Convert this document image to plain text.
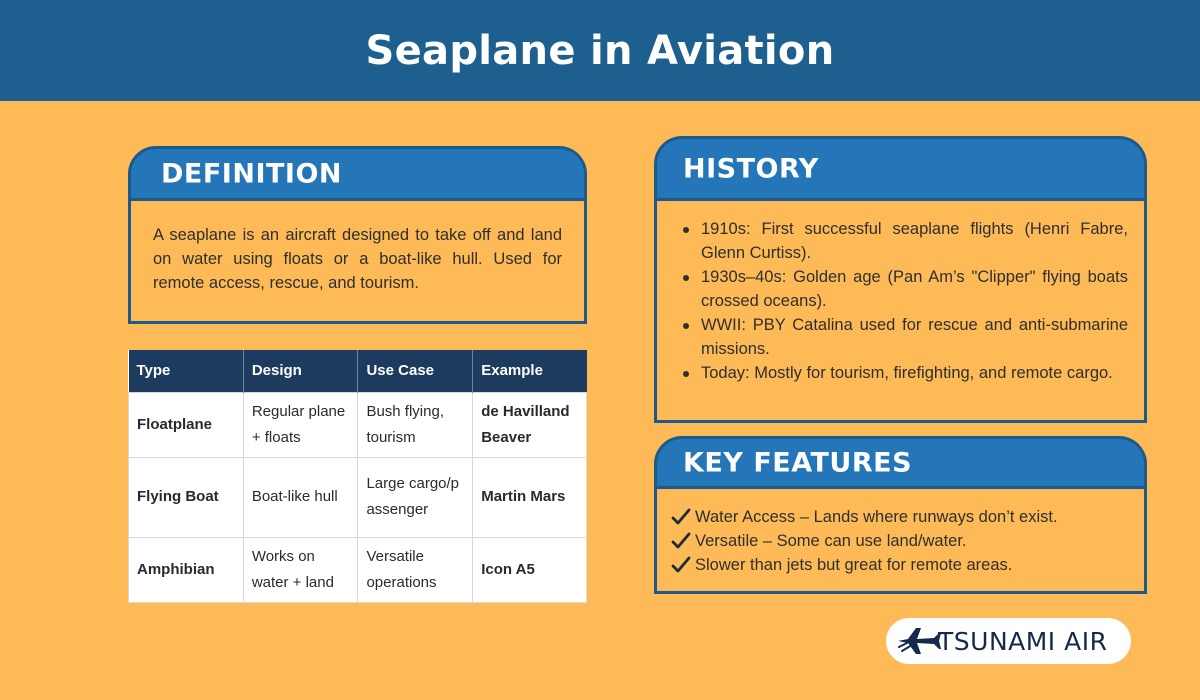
Seaplane in Aviation
DEFINITION

A seaplane is an aircraft designed to take off and land on water using floats or a boat-like hull. Used for remote access, rescue, and tourism.

Type	Design	Use Case	Example
Floatplane	Regular plane + floats	Bush flying, tourism	de Havilland Beaver
Flying Boat	Boat-like hull	Large cargo/passenger	Martin Mars
Amphibian	Works on water + land	Versatile operations	Icon A5
HISTORY
1910s: First successful seaplane flights (Henri Fabre, Glenn Curtiss).
1930s–40s: Golden age (Pan Am’s "Clipper" flying boats crossed oceans).
WWII: PBY Catalina used for rescue and anti-submarine missions.
Today: Mostly for tourism, firefighting, and remote cargo.
KEY FEATURES
Water Access – Lands where runways don’t exist.
Versatile – Some can use land/water.
Slower than jets but great for remote areas.
TSUNAMI AIR
